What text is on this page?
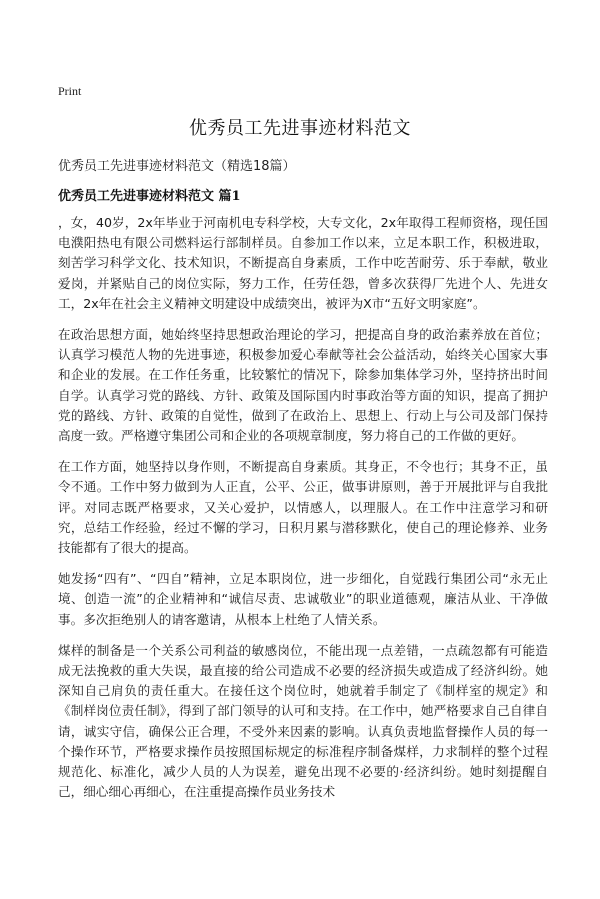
Print
优秀员工先进事迹材料范文
优秀员工先进事迹材料范文（精选18篇）
优秀员工先进事迹材料范文 篇1

，女，40岁，2x年毕业于河南机电专科学校，大专文化，2x年取得工程师资格，现任国电濮阳热电有限公司燃料运行部制样员。自参加工作以来，立足本职工作，积极进取，刻苦学习科学文化、技术知识，不断提高自身素质，工作中吃苦耐劳、乐于奉献，敬业爱岗，并紧贴自己的岗位实际，努力工作，任劳任怨，曾多次获得厂先进个人、先进女工，2x年在社会主义精神文明建设中成绩突出，被评为X市“五好文明家庭”。

在政治思想方面，她始终坚持思想政治理论的学习，把提高自身的政治素养放在首位；认真学习模范人物的先进事迹，积极参加爱心奉献等社会公益活动，始终关心国家大事和企业的发展。在工作任务重，比较繁忙的情况下，除参加集体学习外，坚持挤出时间自学。认真学习党的路线、方针、政策及国际国内时事政治等方面的知识，提高了拥护党的路线、方针、政策的自觉性，做到了在政治上、思想上、行动上与公司及部门保持高度一致。严格遵守集团公司和企业的各项规章制度，努力将自己的工作做的更好。

在工作方面，她坚持以身作则，不断提高自身素质。其身正，不令也行；其身不正，虽令不通。工作中努力做到为人正直，公平、公正，做事讲原则，善于开展批评与自我批评。对同志既严格要求，又关心爱护，以情感人，以理服人。在工作中注意学习和研究，总结工作经验，经过不懈的学习，日积月累与潜移默化，使自己的理论修养、业务技能都有了很大的提高。

她发扬“四有”、“四自”精神，立足本职岗位，进一步细化，自觉践行集团公司“永无止境、创造一流”的企业精神和“诚信尽责、忠诚敬业”的职业道德观，廉洁从业、干净做事。多次拒绝别人的请客邀请，从根本上杜绝了人情关系。

煤样的制备是一个关系公司利益的敏感岗位，不能出现一点差错，一点疏忽都有可能造成无法挽救的重大失误，最直接的给公司造成不必要的经济损失或造成了经济纠纷。她深知自己肩负的责任重大。在接任这个岗位时，她就着手制定了《制样室的规定》和《制样岗位责任制》，得到了部门领导的认可和支持。在工作中，她严格要求自己自律自请，诚实守信，确保公正合理，不受外来因素的影响。认真负责地监督操作人员的每一个操作环节，严格要求操作员按照国标规定的标准程序制备煤样，力求制样的整个过程规范化、标准化，减少人员的人为误差，避免出现不必要的·经济纠纷。她时刻提醒自己，细心细心再细心，在注重提高操作员业务技术
